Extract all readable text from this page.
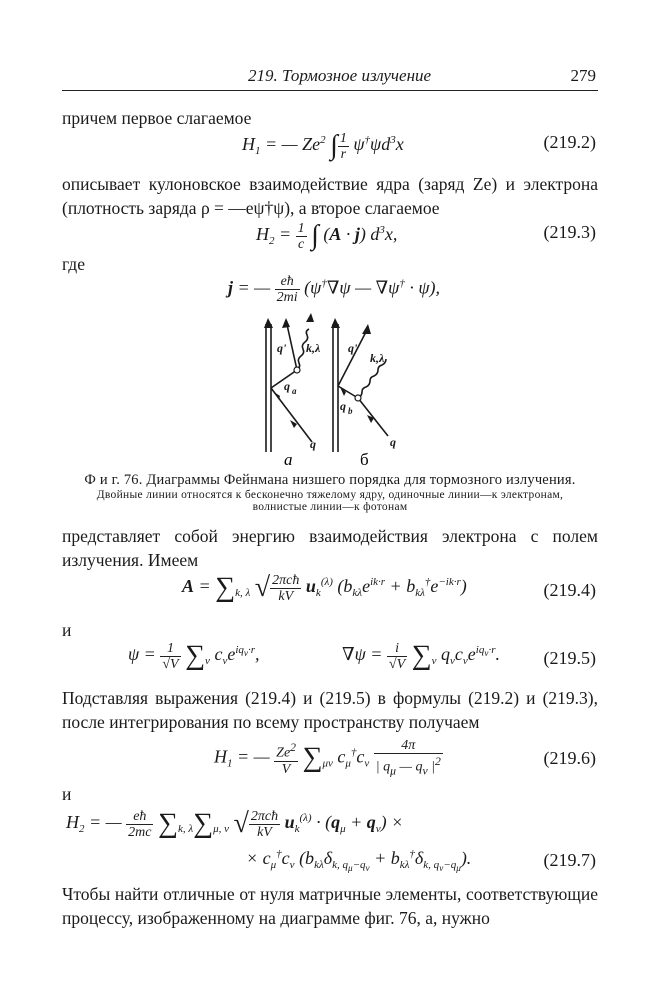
219. Тормозное излучение	279
причем первое слагаемое
$H_1$ = — Ze$^2$ ∫ $\frac{1}{r} \psi^\dagger\psi d^3x$	(219.2)
описывает кулоновское взаимодействие ядра (заряд Ze) и электрона (плотность заряда ρ = —eψ†ψ), а второе слагаемое
$H_2 = \frac{1}{c}$ ∫ (A · j) $d^3x$,	(219.3)
где
j = — $\frac{eħ}{2mi} (\psi^\dagger\nabla\psi$ — ∇ψ† · ψ),
q' k,λ
q a
q
q'
k,λ
q b
q
a	б
Ф и г. 76. Диаграммы Фейнмана низшего порядка для тормозного излучения.
Двойные линии относятся к бесконечно тяжелому ядру, одиночные линии—к электронам,
волнистые линии—к фотонам
представляет собой энергию взаимодействия электрона с полем излучения. Имеем
$A = \sum_{k, \lambda}$ √ $\frac{\text{2πcħ}}{kV} u_k^{(\lambda)}$ $(b_{k\lambda}e^{ik\cdot r} + b_{k\lambda}^\dagger e^{-ik\cdot r})$	(219.4)
и
$\psi = \frac{1}{√V} \sum_\nu$ $c_\nu e^{iq_\nu\cdot r}$,	$\nabla\psi = \frac{i}{√V} \sum_\nu$ $q_\nu c_\nu e^{iq_\nu\cdot r}$. (219.5)
Подставляя выражения (219.4) и (219.5) в формулы (219.2) и (219.3), после интегрирования по всему пространству получаем
$H_1$ = — $\frac{Ze^2}{V} \sum_{\mu\nu}$ $c_\mu^\dagger c_\nu \frac{4\pi}{| q_\mu — q_\nu |^2}$	(219.6)
и
$H_2$ = — $\frac{eħ}{2mc} \sum_{k, \lambda}\sum_{\mu, \nu}$ √ $\frac{\text{2πcħ}}{kV} u_k^{(\lambda)} \cdot (q_\mu + q_\nu)$ ×
× $c_\mu^\dagger c_\nu$ $(b_{k\lambda}\delta_{k, q_\mu-q_\nu} + b_{k\lambda}^\dagger\delta_{k, q_\nu-q_\mu})$.	(219.7)
Чтобы найти отличные от нуля матричные элементы, соответствующие процессу, изображенному на диаграмме фиг. 76, a, нужно
